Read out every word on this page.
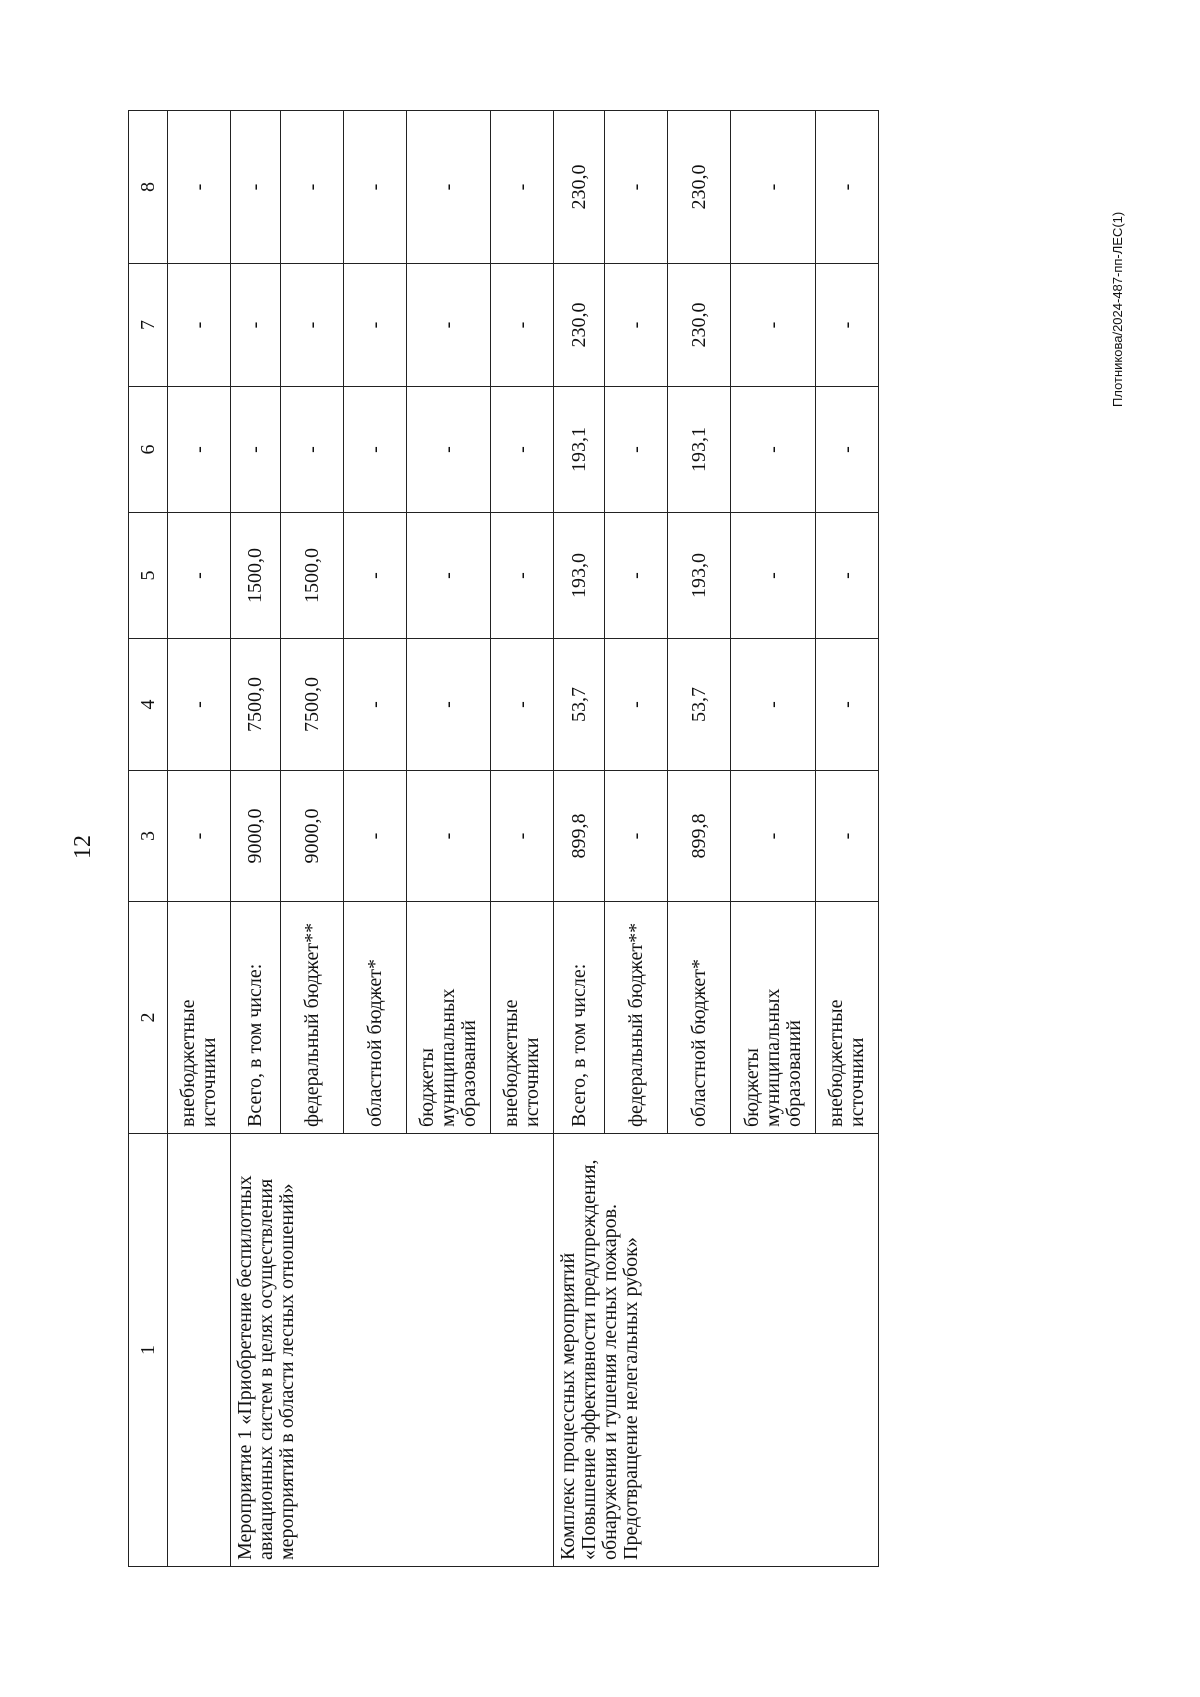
12
1	2	3	4	5	6	7	8
	внебюджетные источники	-	-	-	-	-	-
Мероприятие 1 «Приобретение беспилотных авиационных систем в целях осуществления мероприятий в области лесных отношений»	Всего, в том числе:	9000,0	7500,0	1500,0	-	-	-
	федеральный бюджет**	9000,0	7500,0	1500,0	-	-	-
	областной бюджет*	-	-	-	-	-	-
	бюджеты муниципальных образований	-	-	-	-	-	-
	внебюджетные источники	-	-	-	-	-	-
Комплекс процессных мероприятий «Повышение эффективности предупреждения, обнаружения и тушения лесных пожаров. Предотвращение нелегальных рубок»	Всего, в том числе:	899,8	53,7	193,0	193,1	230,0	230,0
	федеральный бюджет**	-	-	-	-	-	-
	областной бюджет*	899,8	53,7	193,0	193,1	230,0	230,0
	бюджеты муниципальных образований	-	-	-	-	-	-
	внебюджетные источники	-	-	-	-	-	-
Плотникова/2024-487-пп-ЛЕС(1)
